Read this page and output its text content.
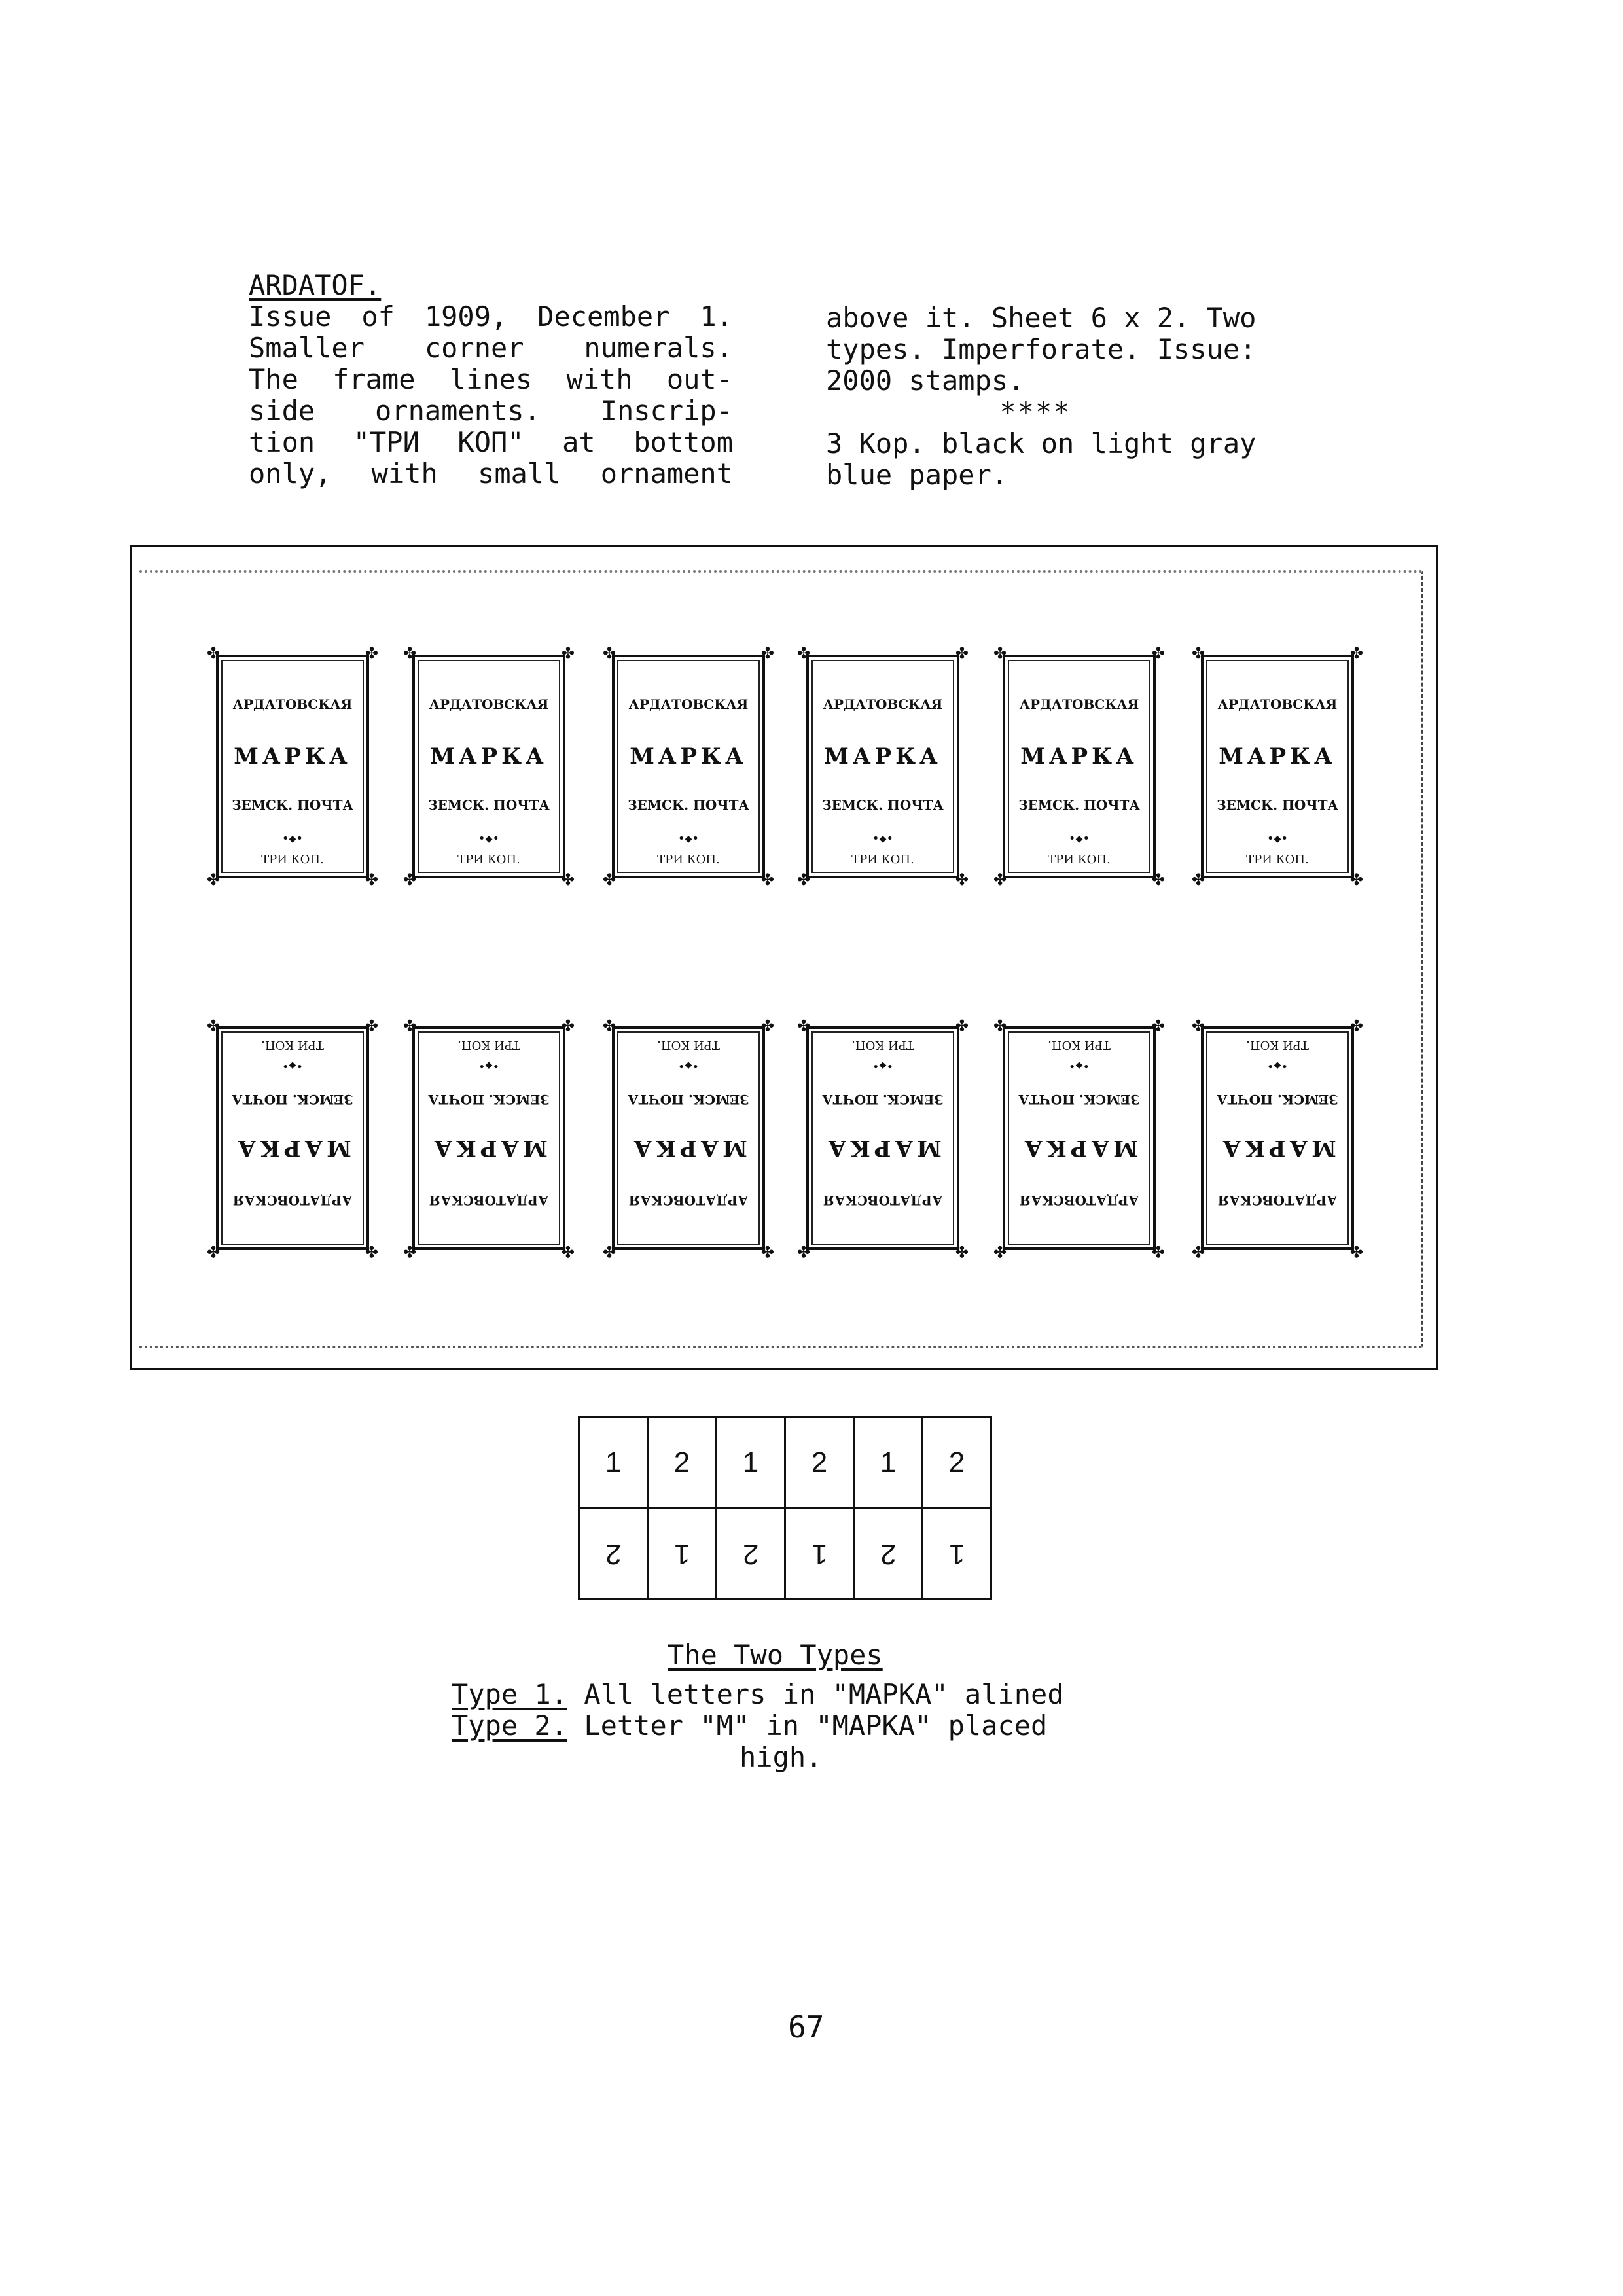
ARDATOF.

Issue of 1909, December 1.

Smaller corner numerals.

The frame lines with out-

side ornaments. Inscrip-

tion "ТРИ КОП" at bottom

only, with small ornament

above it. Sheet 6 x 2. Two

types. Imperforate. Issue:

2000 stamps.

****

3 Kop. black on light gray

blue paper.

✤	✤
✤	✤
АРДАТОВСКАЯ
МАРКА
ЗЕМСК. ПОЧТА
•◆•
ТРИ КОП.
✤	✤
✤	✤
АРДАТОВСКАЯ
МАРКА
ЗЕМСК. ПОЧТА
•◆•
ТРИ КОП.
✤	✤
✤	✤
АРДАТОВСКАЯ
МАРКА
ЗЕМСК. ПОЧТА
•◆•
ТРИ КОП.
✤	✤
✤	✤
АРДАТОВСКАЯ
МАРКА
ЗЕМСК. ПОЧТА
•◆•
ТРИ КОП.
✤	✤
✤	✤
АРДАТОВСКАЯ
МАРКА
ЗЕМСК. ПОЧТА
•◆•
ТРИ КОП.
✤	✤
✤	✤
АРДАТОВСКАЯ
МАРКА
ЗЕМСК. ПОЧТА
•◆•
ТРИ КОП.
✤
✤
✤
✤
АРДАТОВСКАЯ
МАРКА
ЗЕМСК. ПОЧТА
•◆•
ТРИ КОП.
✤
✤
✤
✤
АРДАТОВСКАЯ
МАРКА
ЗЕМСК. ПОЧТА
•◆•
ТРИ КОП.
✤
✤
✤
✤
АРДАТОВСКАЯ
МАРКА
ЗЕМСК. ПОЧТА
•◆•
ТРИ КОП.
✤
✤
✤
✤
АРДАТОВСКАЯ
МАРКА
ЗЕМСК. ПОЧТА
•◆•
ТРИ КОП.
✤
✤
✤
✤
АРДАТОВСКАЯ
МАРКА
ЗЕМСК. ПОЧТА
•◆•
ТРИ КОП.
✤
✤
✤
✤
АРДАТОВСКАЯ
МАРКА
ЗЕМСК. ПОЧТА
•◆•
ТРИ КОП.
1	2	1	2	1	2
2	1	2	1	2	1
The Two Types
Type 1. All letters in "MAPKA" alined
Type 2. Letter "M" in "MAPKA" placed
high.
67
